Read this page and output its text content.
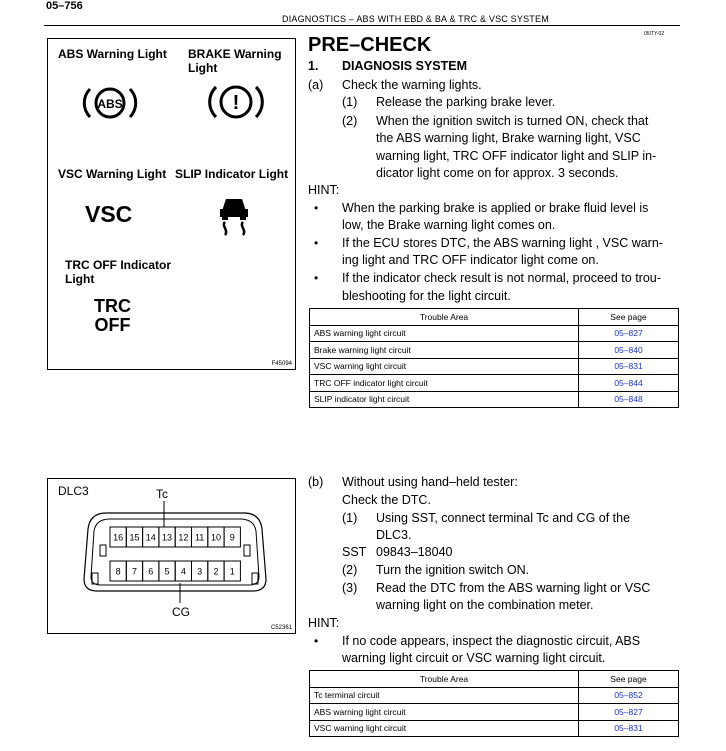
05–756
DIAGNOSTICS – ABS WITH EBD & BA & TRC & VSC SYSTEM
05ITY-02
ABS Warning Light BRAKE Warning
Light
ABS	!
VSC Warning Light SLIP Indicator Light
VSC
TRC OFF Indicator
Light
TRC
OFF
F45094
DLC3	Tc
CG
16 15 14 13 12 11 10 9
8 7 6 5 4 3 2 1
C52361
PRE–CHECK
1. DIAGNOSIS SYSTEM
(a) Check the warning lights.
(1) Release the parking brake lever.
(2) When the ignition switch is turned ON, check that
the ABS warning light, Brake warning light, VSC
warning light, TRC OFF indicator light and SLIP in-
dicator light come on for approx. 3 seconds.
HINT:
• When the parking brake is applied or brake fluid level is
low, the Brake warning light comes on.
• If the ECU stores DTC, the ABS warning light , VSC warn-
ing light and TRC OFF indicator light come on.
• If the indicator check result is not normal, proceed to trou-
bleshooting for the light circuit.
Trouble Area	See page
ABS warning light circuit	05–827
Brake warning light circuit	05–840
VSC warning light circuit	05–831
TRC OFF indicator light circuit	05–844
SLIP indicator light circuit	05–848
(b) Without using hand–held tester:
Check the DTC.
(1) Using SST, connect terminal Tc and CG of the
DLC3.
SST 09843–18040
(2) Turn the ignition switch ON.
(3) Read the DTC from the ABS warning light or VSC
warning light on the combination meter.
HINT:
• If no code appears, inspect the diagnostic circuit, ABS
warning light circuit or VSC warning light circuit.
Trouble Area	See page
Tc terminal circuit	05–852
ABS warning light circuit	05–827
VSC warning light circuit	05–831
